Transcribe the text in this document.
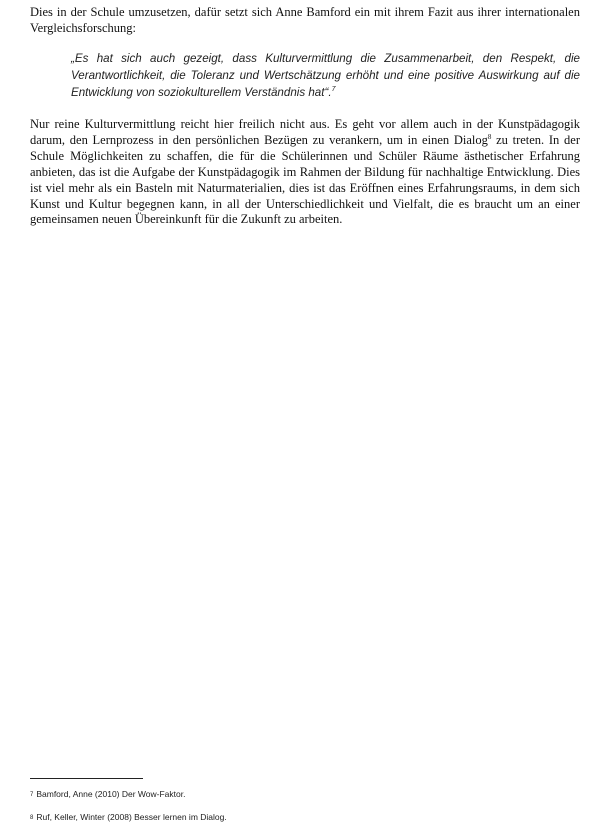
Dies in der Schule umzusetzen, dafür setzt sich Anne Bamford ein mit ihrem Fazit aus ihrer internationalen Vergleichsforschung:

„Es hat sich auch gezeigt, dass Kulturvermittlung die Zusammenarbeit, den Respekt, die Verantwortlichkeit, die Toleranz und Wertschätzung erhöht und eine positive Auswirkung auf die Entwicklung von soziokulturellem Verständnis hat“.$^7$

Nur reine Kulturvermittlung reicht hier freilich nicht aus. Es geht vor allem auch in der Kunstpädagogik darum, den Lernprozess in den persönlichen Bezügen zu verankern, um in einen Dialog$^8$ zu treten. In der Schule Möglichkeiten zu schaffen, die für die Schülerinnen und Schüler Räume ästhetischer Erfahrung anbieten, das ist die Aufgabe der Kunstpädagogik im Rahmen der Bildung für nachhaltige Entwicklung. Dies ist viel mehr als ein Basteln mit Naturmaterialien, dies ist das Eröffnen eines Erfahrungsraums, in dem sich Kunst und Kultur begegnen kann, in all der Unterschiedlichkeit und Vielfalt, die es braucht um an einer gemeinsamen neuen Übereinkunft für die Zukunft zu arbeiten.

7 Bamford, Anne (2010) Der Wow-Faktor.

8 Ruf, Keller, Winter (2008) Besser lernen im Dialog.
